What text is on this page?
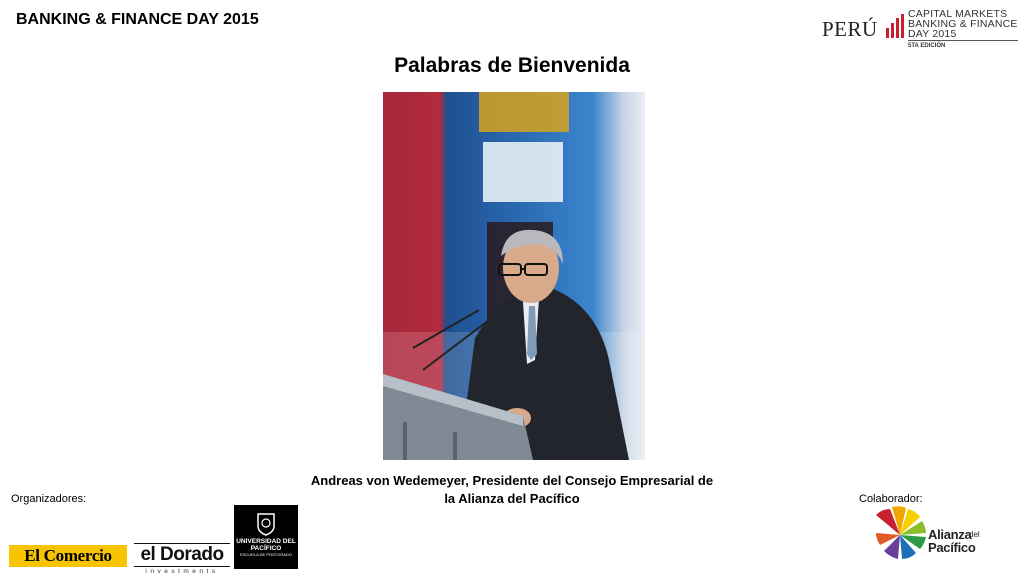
BANKING & FINANCE DAY 2015	PERÚ
CAPITAL MARKETS
BANKING & FINANCE
DAY 2015
5TA EDICIÓN
Palabras de Bienvenida
Andreas von Wedemeyer, Presidente del Consejo Empresarial de
la Alianza del Pacífico
Organizadores:	Colaborador:
El Comercio	el Dorado
investments
UNIVERSIDAD DEL PACÍFICO
ESCUELA DE POSTGRADO
Alianza
del
Pacífico
